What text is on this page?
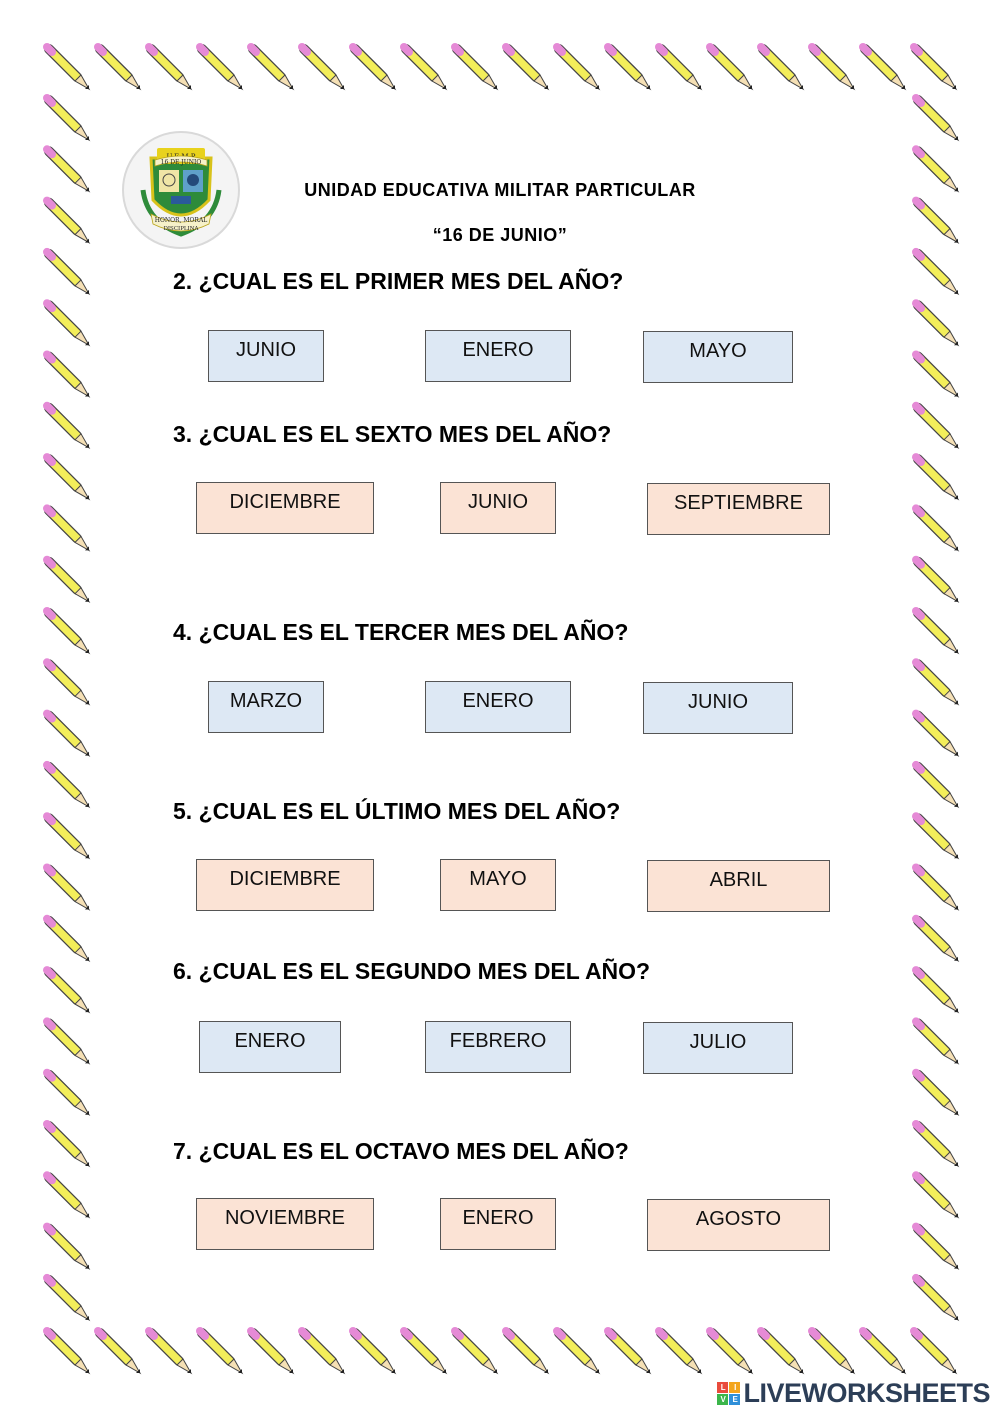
16 DE JUNIO
HONOR, MORAL
DISCIPLINA
UNIDAD EDUCATIVA MILITAR PARTICULAR
“16 DE JUNIO”
2. ¿CUAL ES EL PRIMER MES DEL AÑO?
JUNIO	ENERO	MAYO
3. ¿CUAL ES EL SEXTO MES DEL AÑO?
DICIEMBRE	JUNIO	SEPTIEMBRE
4. ¿CUAL ES EL TERCER MES DEL AÑO?
MARZO	ENERO	JUNIO
5. ¿CUAL ES EL ÚLTIMO MES DEL AÑO?
DICIEMBRE	MAYO	ABRIL
6. ¿CUAL ES EL SEGUNDO MES DEL AÑO?
ENERO	FEBRERO	JULIO
7. ¿CUAL ES EL OCTAVO MES DEL AÑO?
NOVIEMBRE	ENERO	AGOSTO
L	I
V E LIVEWORKSHEETS
